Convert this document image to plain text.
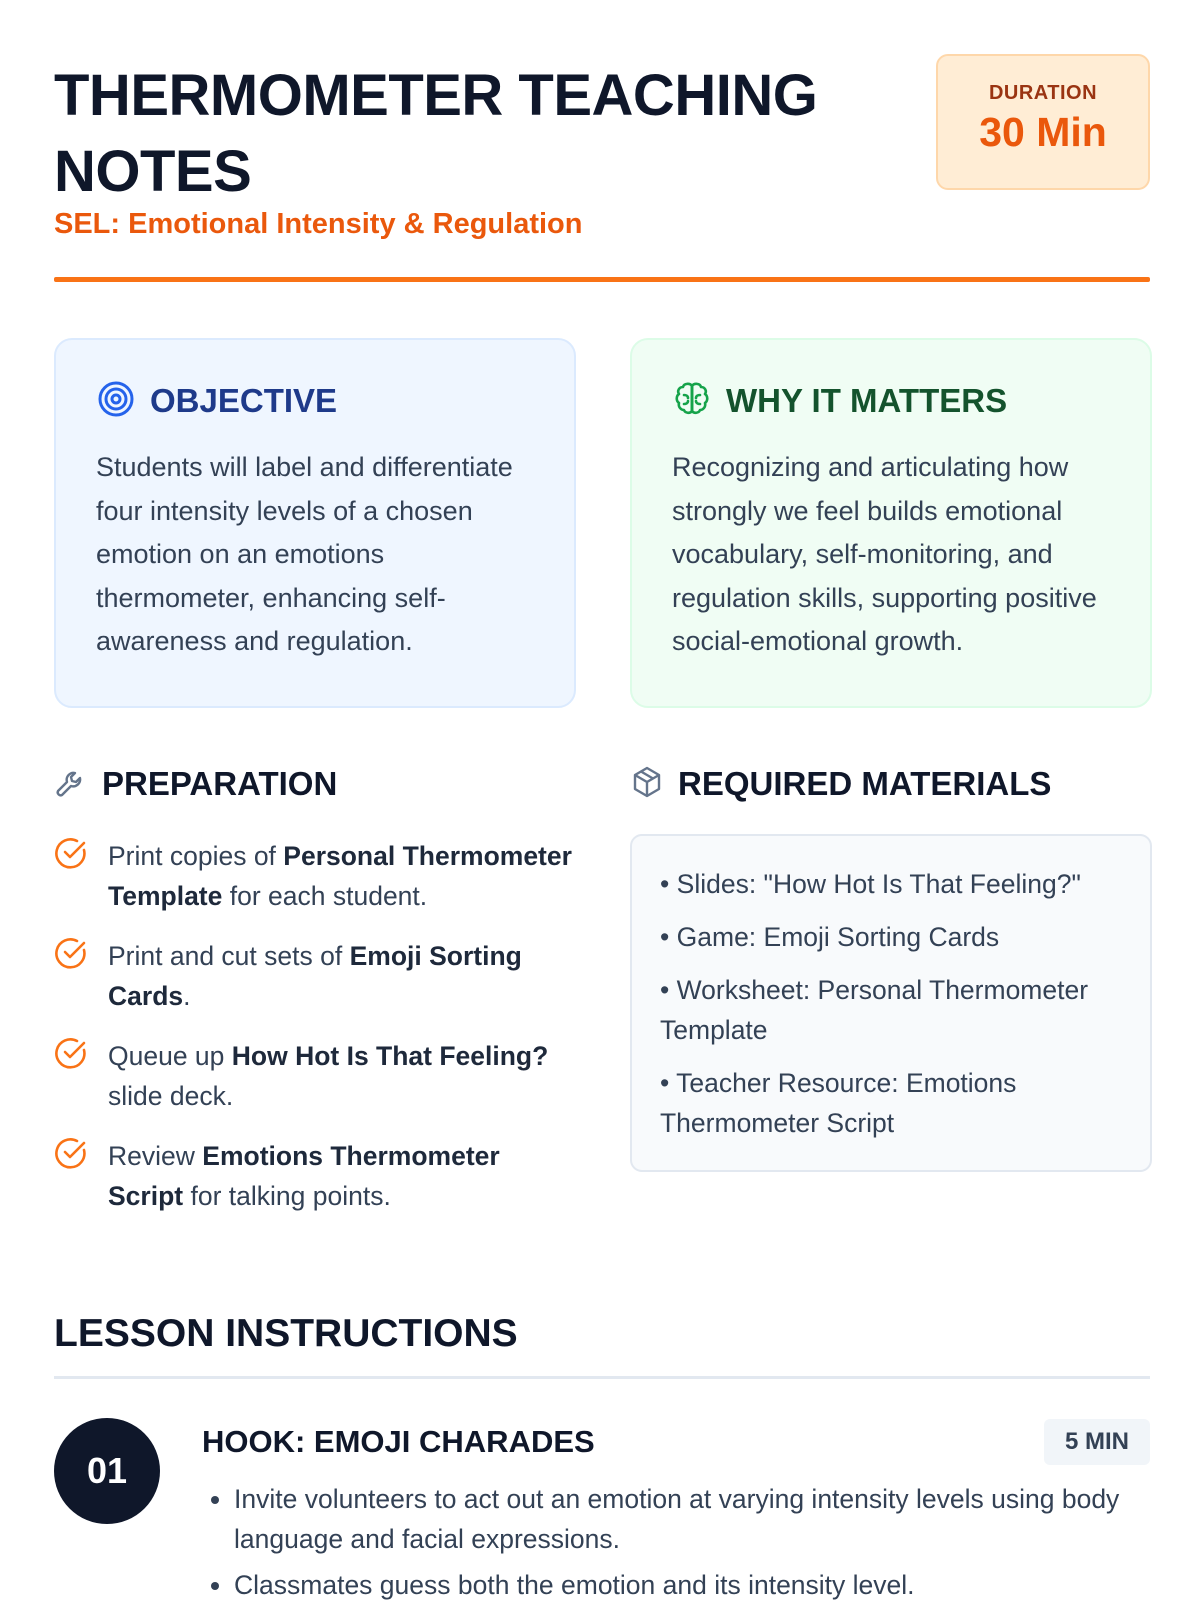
THERMOMETER TEACHING NOTES
SEL: Emotional Intensity & Regulation
DURATION
30 Min
OBJECTIVE

Students will label and differentiate four intensity levels of a chosen emotion on an emotions thermometer, enhancing self-awareness and regulation.

WHY IT MATTERS

Recognizing and articulating how strongly we feel builds emotional vocabulary, self-monitoring, and regulation skills, supporting positive social-emotional growth.

PREPARATION
Print copies of Personal Thermometer Template for each student.
Print and cut sets of Emoji Sorting Cards.
Queue up How Hot Is That Feeling? slide deck.
Review Emotions Thermometer Script for talking points.
REQUIRED MATERIALS
• Slides: "How Hot Is That Feeling?"
• Game: Emoji Sorting Cards
• Worksheet: Personal Thermometer Template
• Teacher Resource: Emotions Thermometer Script
LESSON INSTRUCTIONS
01
HOOK: EMOJI CHARADES	5 MIN
• Invite volunteers to act out an emotion at varying intensity levels using body language and facial expressions.
• Classmates guess both the emotion and its intensity level.
